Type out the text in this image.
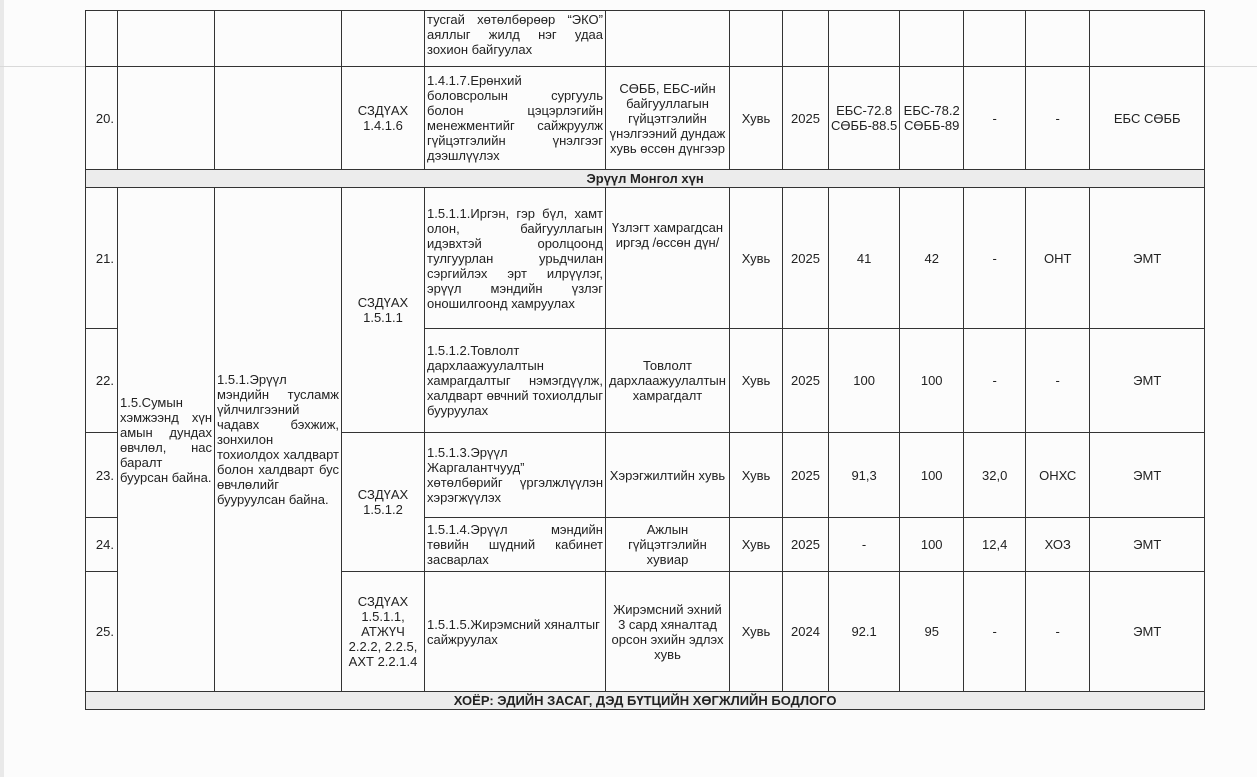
				тусгай хөтөлбөрөөр “ЭКО” аяллыг жилд нэг удаа зохион байгуулах								
20.			СЗДҮАХ 1.4.1.6	1.4.1.7.Ерөнхий боловсролын сургууль болон цэцэрлэгийн менежментийг сайжруулж гүйцэтгэлийн үнэлгээг дээшлүүлэх	СӨББ, ЕБС-ийн байгууллагын гүйцэтгэлийн үнэлгээний дундаж хувь өссөн дүнгээр	Хувь	2025	ЕБС-72.8 СӨББ-88.5	ЕБС-78.2 СӨББ-89	-	-	ЕБС СӨББ
Эрүүл Монгол хүн												
21.	1.5.Сумын хэмжээнд хүн амын дундах өвчлөл, нас баралт буурсан байна.	1.5.1.Эрүүл мэндийн тусламж үйлчилгээний чадавх бэхжиж, зонхилон тохиолдох халдварт болон халдварт бус өвчлөлийг бууруулсан байна.	СЗДҮАХ 1.5.1.1	1.5.1.1.Иргэн, гэр бүл, хамт олон, байгууллагын идэвхтэй оролцоонд тулгуурлан урьдчилан сэргийлэх эрт илрүүлэг, эрүүл мэндийн үзлэг оношилгоонд хамруулах	Үзлэгт хамрагдсан иргэд /өссөн дүн/	Хувь	2025	41	42	-	ОНТ	ЭМТ
22.				1.5.1.2.Товлолт дархлаажуулалтын хамрагдалтыг нэмэгдүүлж, халдварт өвчний тохиолдлыг бууруулах	Товлолт дархлаажуулалтын хамрагдалт	Хувь	2025	100	100	-	-	ЭМТ
23.			СЗДҮАХ 1.5.1.2	1.5.1.3.Эрүүл Жаргалантчууд” хөтөлбөрийг үргэлжлүүлэн хэрэгжүүлэх	Хэрэгжилтийн хувь	Хувь	2025	91,3	100	32,0	ОНХС	ЭМТ
24.				1.5.1.4.Эрүүл мэндийн төвийн шүдний кабинет засварлах	Ажлын гүйцэтгэлийн хувиар	Хувь	2025	-	100	12,4	ХОЗ	ЭМТ
25.			СЗДҮАХ 1.5.1.1, АТЖҮЧ 2.2.2, 2.2.5, АХТ 2.2.1.4	1.5.1.5.Жирэмсний хяналтыг сайжруулах	Жирэмсний эхний 3 сард хяналтад орсон эхийн эдлэх хувь	Хувь	2024	92.1	95	-	-	ЭМТ
ХОЁР: ЭДИЙН ЗАСАГ, ДЭД БҮТЦИЙН ХӨГЖЛИЙН БОДЛОГО												
